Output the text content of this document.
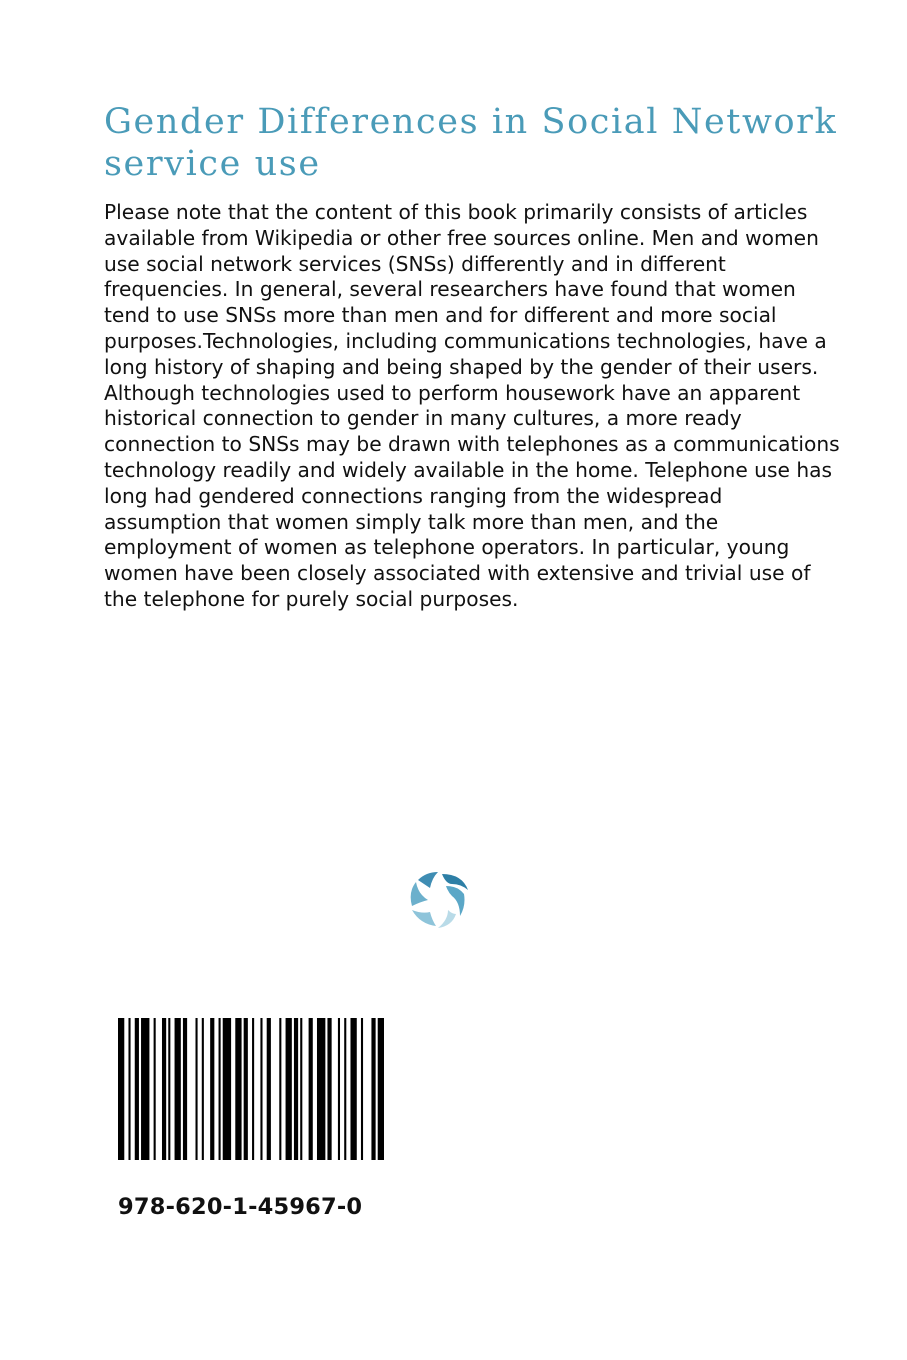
Gender Differences in Social Network service use

Please note that the content of this book primarily consists of articles available from Wikipedia or other free sources online. Men and women use social network services (SNSs) differently and in different frequencies. In general, several researchers have found that women tend to use SNSs more than men and for different and more social purposes.Technologies, including communications technologies, have a long history of shaping and being shaped by the gender of their users. Although technologies used to perform housework have an apparent historical connection to gender in many cultures, a more ready connection to SNSs may be drawn with telephones as a communications technology readily and widely available in the home. Telephone use has long had gendered connections ranging from the widespread assumption that women simply talk more than men, and the employment of women as telephone operators. In particular, young women have been closely associated with extensive and trivial use of the telephone for purely social purposes.

978-620-1-45967-0
